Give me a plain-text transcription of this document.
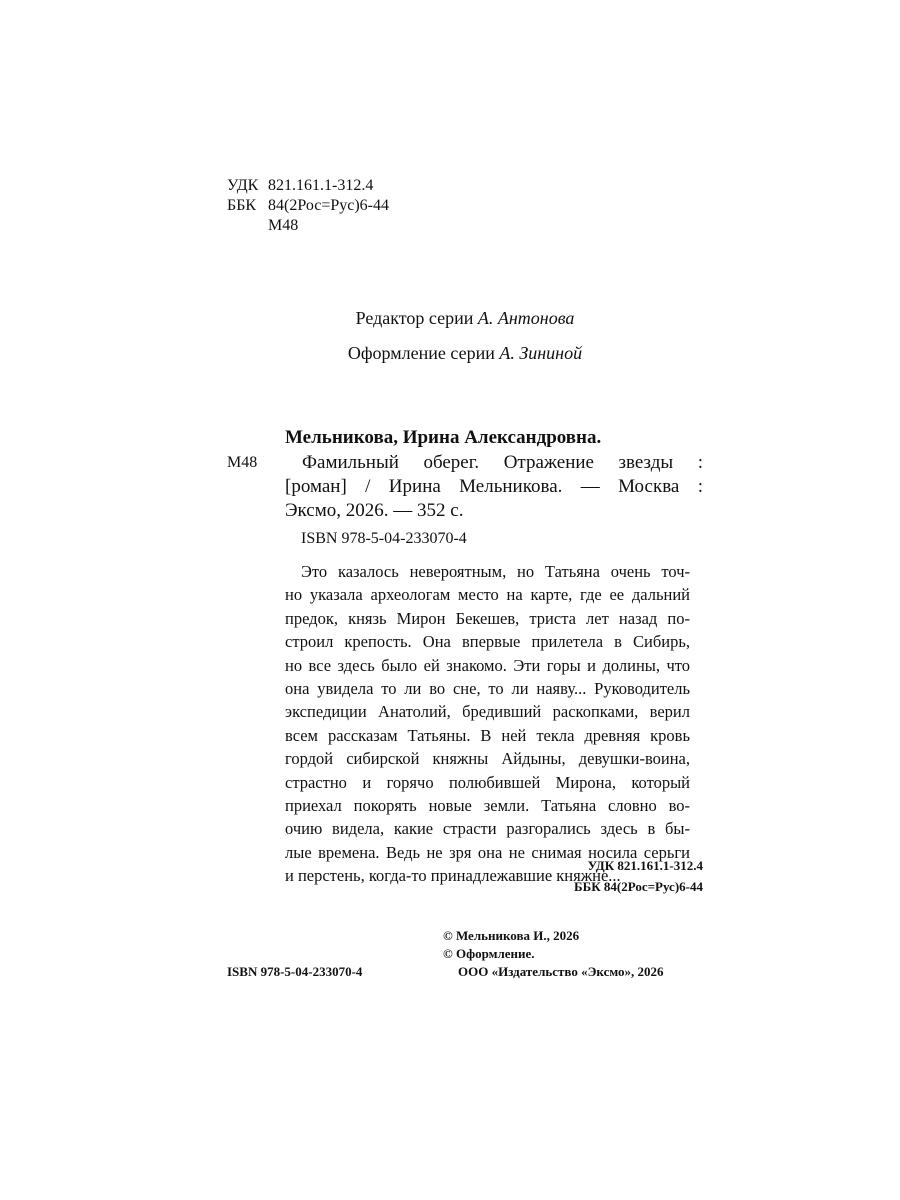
УДК 821.161.1-312.4
ББК 84(2Рос=Рус)6-44
М48
Редактор серии А. Антонова
Оформление серии А. Зининой
Мельникова, Ирина Александровна.
М48	Фамильный оберег. Отражение звезды :
[роман] / Ирина Мельникова. — Москва :
Эксмо, 2026. — 352 с.
ISBN 978-5-04-233070-4
Это казалось невероятным, но Татьяна очень точ-
но указала археологам место на карте, где ее дальний
предок, князь Мирон Бекешев, триста лет назад по-
строил крепость. Она впервые прилетела в Сибирь,
но все здесь было ей знакомо. Эти горы и долины, что
она увидела то ли во сне, то ли наяву... Руководитель
экспедиции Анатолий, бредивший раскопками, верил
всем рассказам Татьяны. В ней текла древняя кровь
гордой сибирской княжны Айдыны, девушки-воина,
страстно и горячо полюбившей Мирона, который
приехал покорять новые земли. Татьяна словно во-
очию видела, какие страсти разгорались здесь в бы-
лые времена. Ведь не зря она не снимая носила серьги
и перстень, когда-то принадлежавшие княжне...
УДК 821.161.1-312.4
ББК 84(2Рос=Рус)6-44
ISBN 978-5-04-233070-4
© Мельникова И., 2026
© Оформление.
ООО «Издательство «Эксмо», 2026
